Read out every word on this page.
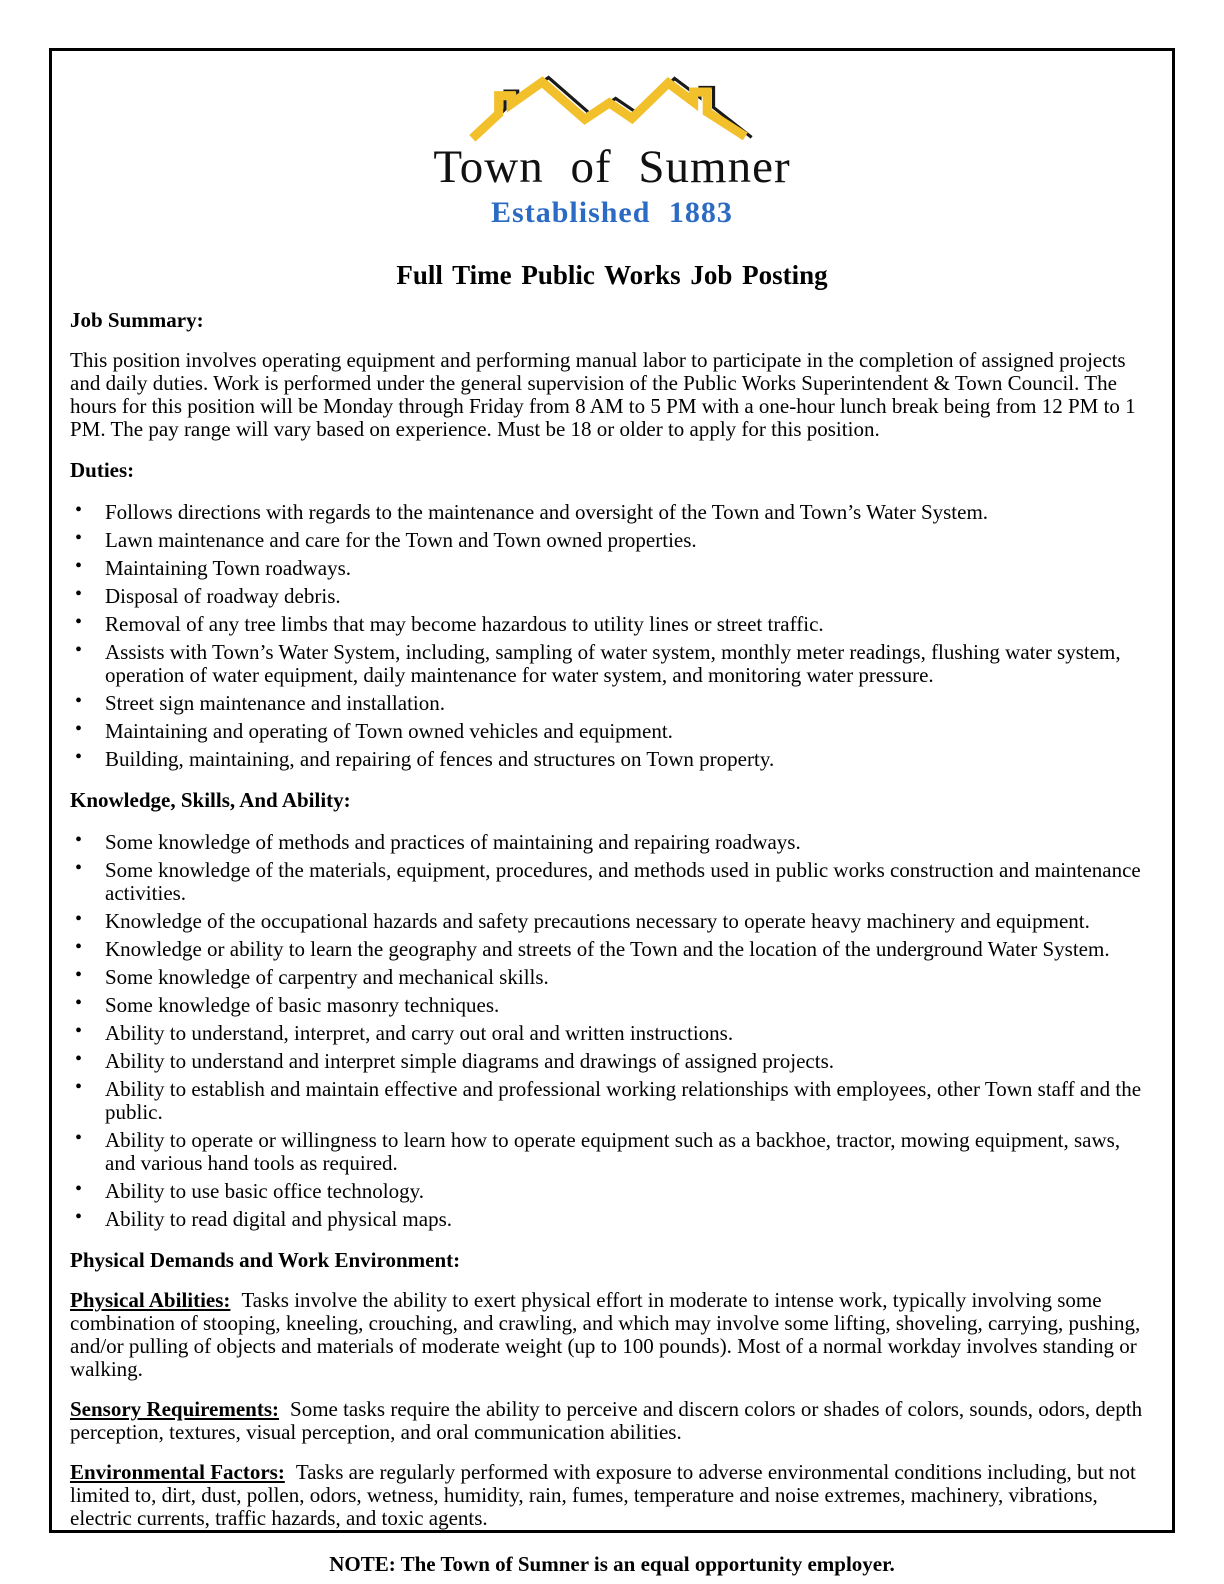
Town of Sumner
Established 1883
Full Time Public Works Job Posting
Job Summary:

This position involves operating equipment and performing manual labor to participate in the completion of assigned projects and daily duties. Work is performed under the general supervision of the Public Works Superintendent & Town Council. The hours for this position will be Monday through Friday from 8 AM to 5 PM with a one-hour lunch break being from 12 PM to 1 PM. The pay range will vary based on experience. Must be 18 or older to apply for this position.

Duties:
• Follows directions with regards to the maintenance and oversight of the Town and Town’s Water System.
• Lawn maintenance and care for the Town and Town owned properties.
• Maintaining Town roadways.
• Disposal of roadway debris.
• Removal of any tree limbs that may become hazardous to utility lines or street traffic.
• Assists with Town’s Water System, including, sampling of water system, monthly meter readings, flushing water system, operation of water equipment, daily maintenance for water system, and monitoring water pressure.
• Street sign maintenance and installation.
• Maintaining and operating of Town owned vehicles and equipment.
• Building, maintaining, and repairing of fences and structures on Town property.
Knowledge, Skills, And Ability:
• Some knowledge of methods and practices of maintaining and repairing roadways.
• Some knowledge of the materials, equipment, procedures, and methods used in public works construction and maintenance activities.
• Knowledge of the occupational hazards and safety precautions necessary to operate heavy machinery and equipment.
• Knowledge or ability to learn the geography and streets of the Town and the location of the underground Water System.
• Some knowledge of carpentry and mechanical skills.
• Some knowledge of basic masonry techniques.
• Ability to understand, interpret, and carry out oral and written instructions.
• Ability to understand and interpret simple diagrams and drawings of assigned projects.
• Ability to establish and maintain effective and professional working relationships with employees, other Town staff and the public.
• Ability to operate or willingness to learn how to operate equipment such as a backhoe, tractor, mowing equipment, saws, and various hand tools as required.
• Ability to use basic office technology.
• Ability to read digital and physical maps.
Physical Demands and Work Environment:

Physical Abilities: Tasks involve the ability to exert physical effort in moderate to intense work, typically involving some combination of stooping, kneeling, crouching, and crawling, and which may involve some lifting, shoveling, carrying, pushing, and/or pulling of objects and materials of moderate weight (up to 100 pounds). Most of a normal workday involves standing or walking.

Sensory Requirements: Some tasks require the ability to perceive and discern colors or shades of colors, sounds, odors, depth perception, textures, visual perception, and oral communication abilities.

Environmental Factors: Tasks are regularly performed with exposure to adverse environmental conditions including, but not limited to, dirt, dust, pollen, odors, wetness, humidity, rain, fumes, temperature and noise extremes, machinery, vibrations, electric currents, traffic hazards, and toxic agents.

NOTE: The Town of Sumner is an equal opportunity employer.
